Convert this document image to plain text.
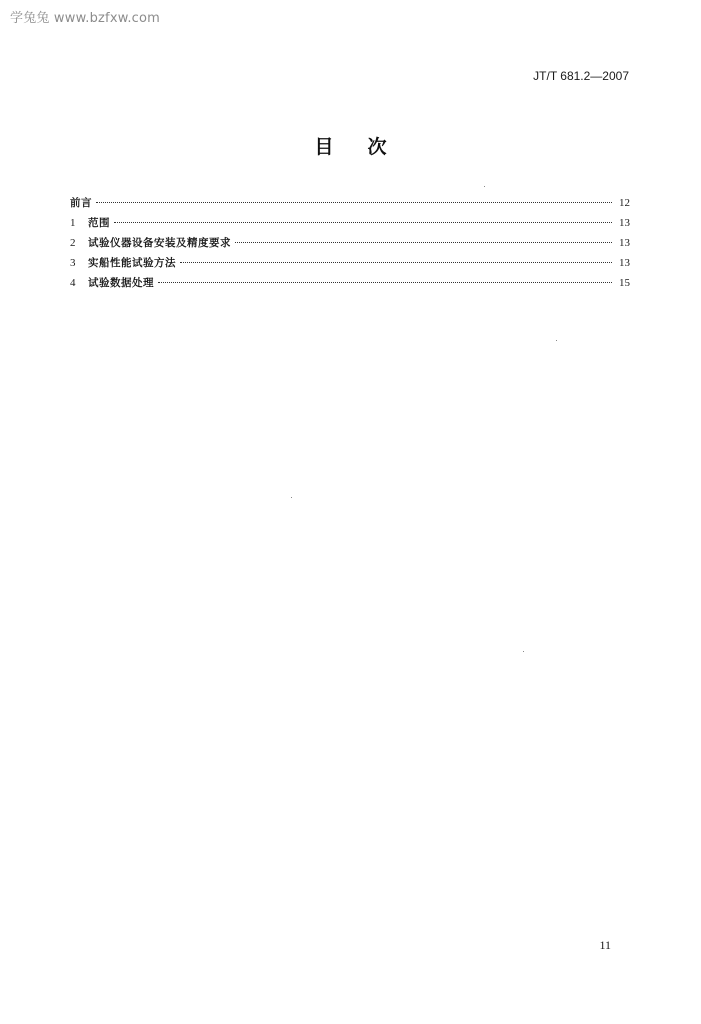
学兔兔 www.bzfxw.com
JT/T 681.2—2007
目次
前言	12
1	范围	13
2	试验仪器设备安装及精度要求	13
3	实船性能试验方法	13
4	试验数据处理	15
11
